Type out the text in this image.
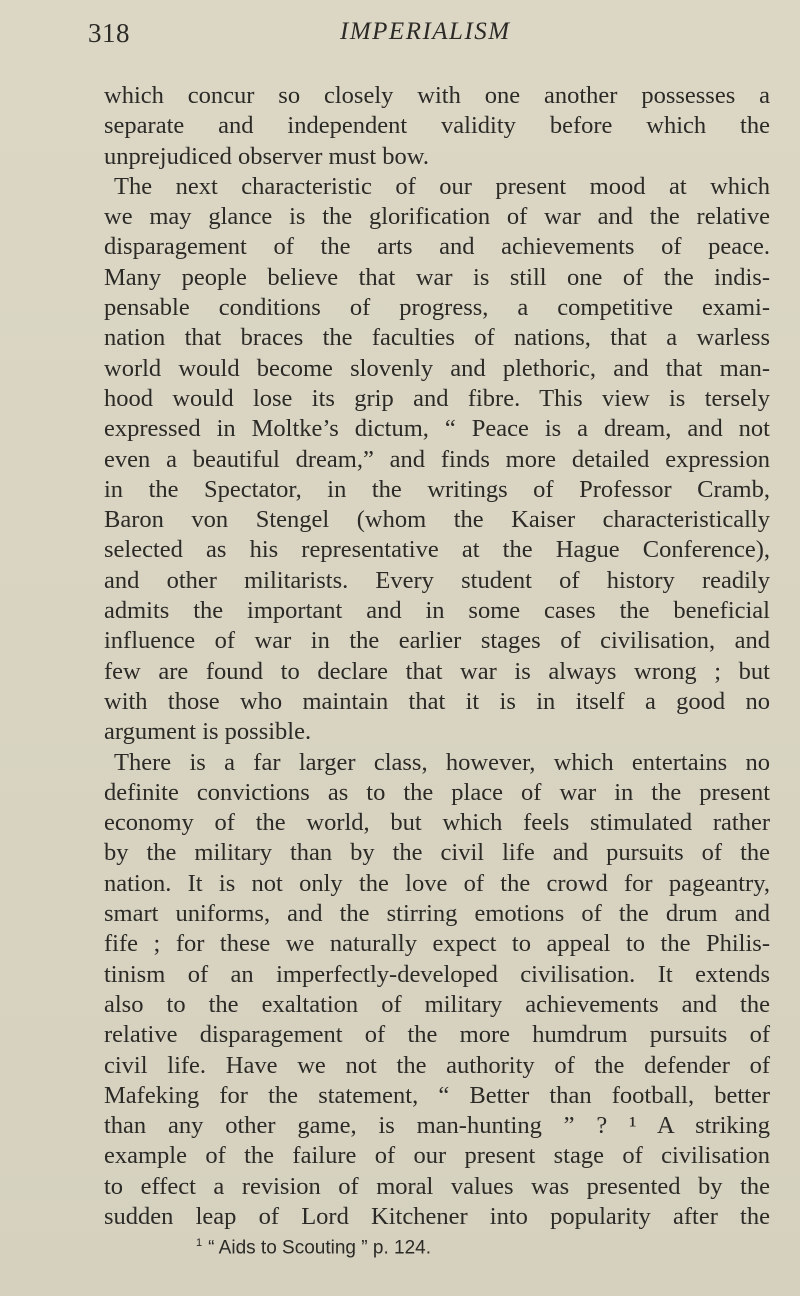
318	IMPERIALISM
which concur so closely with one another possesses a
separate and independent validity before which the
unprejudiced observer must bow.
The next characteristic of our present mood at which
we may glance is the glorification of war and the relative
disparagement of the arts and achievements of peace.
Many people believe that war is still one of the indis-
pensable conditions of progress, a competitive exami-
nation that braces the faculties of nations, that a warless
world would become slovenly and plethoric, and that man-
hood would lose its grip and fibre. This view is tersely
expressed in Moltke’s dictum, “ Peace is a dream, and not
even a beautiful dream,” and finds more detailed expression
in the Spectator, in the writings of Professor Cramb,
Baron von Stengel (whom the Kaiser characteristically
selected as his representative at the Hague Conference),
and other militarists. Every student of history readily
admits the important and in some cases the beneficial
influence of war in the earlier stages of civilisation, and
few are found to declare that war is always wrong ; but
with those who maintain that it is in itself a good no
argument is possible.
There is a far larger class, however, which entertains no
definite convictions as to the place of war in the present
economy of the world, but which feels stimulated rather
by the military than by the civil life and pursuits of the
nation. It is not only the love of the crowd for pageantry,
smart uniforms, and the stirring emotions of the drum and
fife ; for these we naturally expect to appeal to the Philis-
tinism of an imperfectly-developed civilisation. It extends
also to the exaltation of military achievements and the
relative disparagement of the more humdrum pursuits of
civil life. Have we not the authority of the defender of
Mafeking for the statement, “ Better than football, better
than any other game, is man-hunting ” ? ¹ A striking
example of the failure of our present stage of civilisation
to effect a revision of moral values was presented by the
sudden leap of Lord Kitchener into popularity after the
$^1$ “ Aids to Scouting ” p. 124.
